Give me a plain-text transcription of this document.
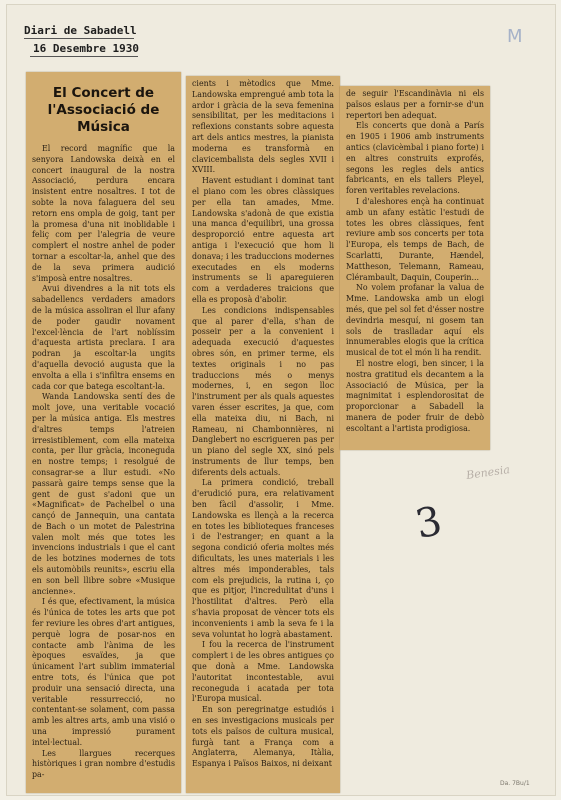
Diari de Sabadell
16 Desembre 1930
M
El Concert de l'Associació de Música

El record magnífic que la senyora Landowska deixà en el concert inaugural de la nostra Associació, perdura encara insistent entre nosaltres. I tot de sobte la nova falaguera del seu retorn ens ompla de goig, tant per la promesa d'una nit inoblidable i feliç com per l'alegria de veure complert el nostre anhel de poder tornar a escoltar-la, anhel que des de la seva primera audició s'imposà entre nosaltres.

Avui divendres a la nit tots els sabadellencs verdaders amadors de la música assoliran el llur afany de poder gaudir novament l'excel·lència de l'art noblíssim d'aquesta artista preclara. I ara podran ja escoltar-la ungits d'aquella devoció augusta que la envolta a ella i s'infiltra ensems en cada cor que batega escoltant-la.

Wanda Landowska sentí des de molt jove, una veritable vocació per la música antiga. Els mestres d'altres temps l'atreien irresistiblement, com ella mateixa conta, per llur gràcia, inconeguda en nostre temps; i resolgué de consagrar-se a llur estudi. «No passarà gaire temps sense que la gent de gust s'adoni que un «Magnificat» de Pachelbel o una cançó de Jannequin, una cantata de Bach o un motet de Palestrina valen molt més que totes les invencions industrials i que el cant de les botzines modernes de tots els automòbils reunits», escriu ella en son bell llibre sobre «Musique ancienne».

I és que, efectivament, la música és l'única de totes les arts que pot fer reviure les obres d'art antigues, perquè logra de posar-nos en contacte amb l'ànima de les èpoques esvaïdes, ja que únicament l'art sublim immaterial entre tots, és l'única que pot produir una sensació directa, una veritable ressurrecció, no contentant-se solament, com passa amb les altres arts, amb una visió o una impressió purament intel·lectual.

Les llargues recerques històriques i gran nombre d'estudis pa-

cients i mètodics que Mme. Landowska emprengué amb tota la ardor i gràcia de la seva femenina sensibilitat, per les meditacions i reflexions constants sobre aquesta art dels antics mestres, la pianista moderna es transformà en clavicembalista dels segles XVII i XVIII.

Havent estudiant i dominat tant el piano com les obres clàssiques per ella tan amades, Mme. Landowska s'adonà de que existia una manca d'equilibri, una grossa desproporció entre aquesta art antiga i l'execució que hom li donava; i les traduccions modernes executades en els moderns instruments se li apareguieren com a verdaderes traicions que ella es proposà d'abolir.

Les condicions indispensables que al parer d'ella, s'han de posseir per a la convenient i adequada execució d'aquestes obres són, en primer terme, els textes originals i no pas traduccions més o menys modernes, i, en segon lloc l'instrument per als quals aquestes varen ésser escrites, ja que, com ella mateixa diu, ni Bach, ni Rameau, ni Chambonnières, ni Danglebert no escrigueren pas per un piano del segle XX, sinó pels instruments de llur temps, ben diferents dels actuals.

La primera condició, treball d'erudició pura, era relativament ben fàcil d'assolir, i Mme. Landowska es llençà a la recerca en totes les biblioteques franceses i de l'estranger; en quant a la segona condició oferia moltes més dificultats, les unes materials i les altres més imponderables, tals com els prejudicis, la rutina i, ço que es pitjor, l'incredulitat d'uns i l'hostilitat d'altres. Però ella s'havia proposat de vèncer tots els inconvenients i amb la seva fe i la seva voluntat ho logrà abastament.

I fou la recerca de l'instrument complert i de les obres antigues ço que donà a Mme. Landowska l'autoritat incontestable, avui reconeguda i acatada per tota l'Europa musical.

En son peregrinatge estudiós i en ses investigacions musicals per tots els països de cultura musical, furgà tant a França com a Anglaterra, Alemanya, Itàlia, Espanya i Països Baixos, ni deixant

de seguir l'Escandinàvia ni els països eslaus per a fornir-se d'un repertori ben adequat.

Els concerts que donà a París en 1905 i 1906 amb instruments antics (clavicèmbal i piano forte) i en altres construits exprofés, segons les regles dels antics fabricants, en els tallers Pleyel, foren veritables revelacions.

I d'aleshores ençà ha continuat amb un afany estàtic l'estudi de totes les obres clàssiques, fent reviure amb sos concerts per tota l'Europa, els temps de Bach, de Scarlatti, Durante, Hændel, Mattheson, Telemann, Rameau, Clérambault, Daquin, Couperin...

No volem profanar la valua de Mme. Landowska amb un elogi més, que pel sol fet d'ésser nostre devindria mesquí, ni gosem tan sols de traslladar aquí els innumerables elogis que la crítica musical de tot el món li ha rendit.

El nostre elogi, ben sincer, i la nostra gratitud els decantem a la Associació de Música, per la magnimitat i esplendorositat de proporcionar a Sabadell la manera de poder fruir de debò escoltant a l'artista prodigiosa.

Benesia
3
Da. 7Bu/1
